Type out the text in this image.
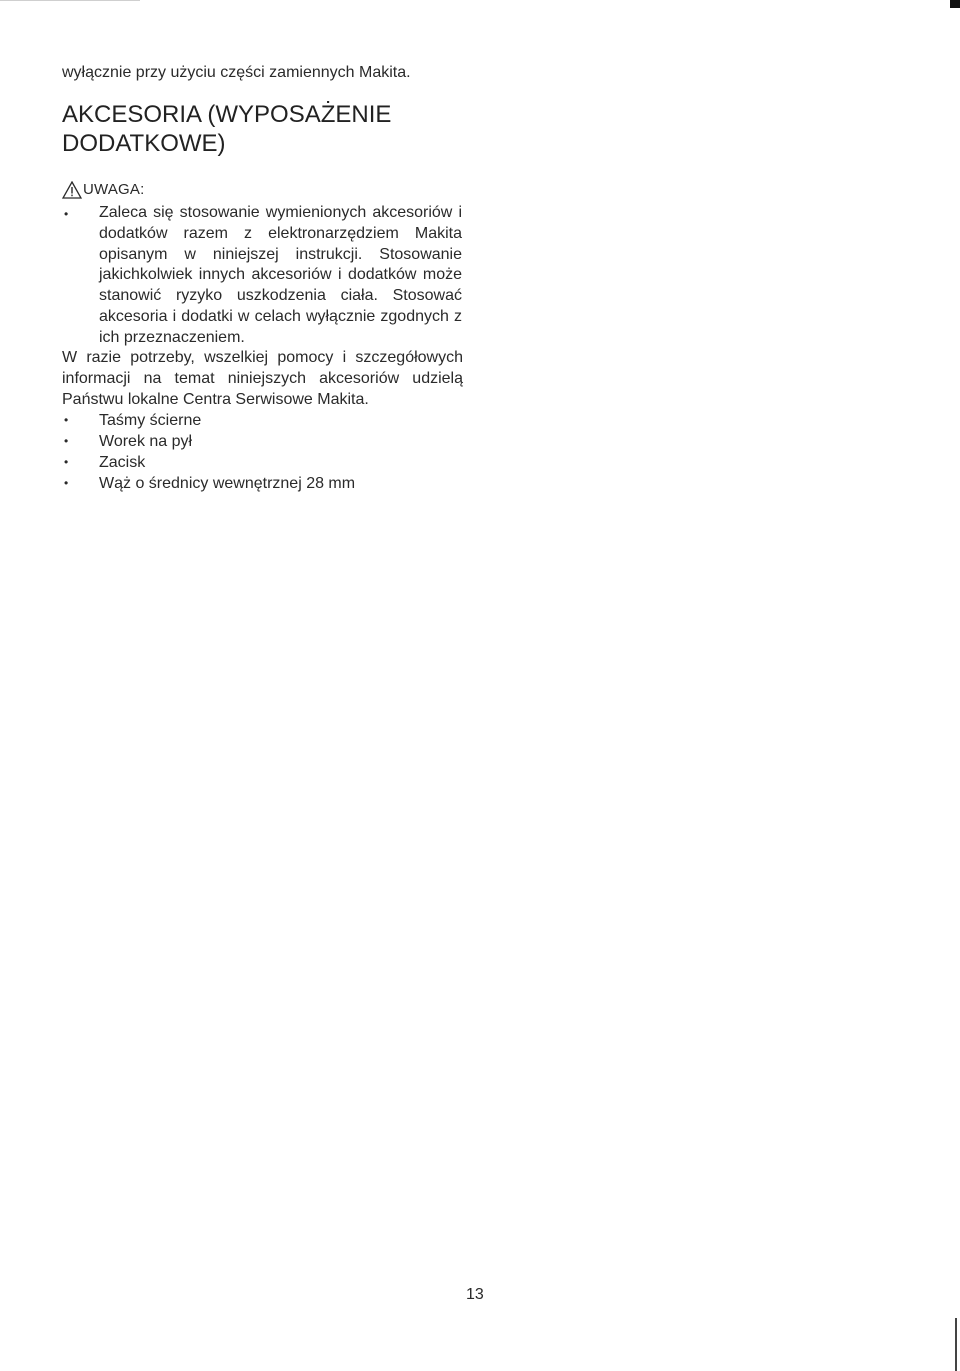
wyłącznie przy użyciu części zamiennych Makita.
AKCESORIA (WYPOSAŻENIE DODATKOWE)
UWAGA:
• Zaleca się stosowanie wymienionych akcesoriów i dodatków razem z elektronarzędziem Makita opisanym w niniejszej instrukcji. Stosowanie jakichkolwiek innych akcesoriów i dodatków może stanowić ryzyko uszkodzenia ciała. Stosować akcesoria i dodatki w celach wyłącznie zgodnych z ich przeznaczeniem.

W razie potrzeby, wszelkiej pomocy i szczegółowych informacji na temat niniejszych akcesoriów udzielą Państwu lokalne Centra Serwisowe Makita.

• Taśmy ścierne
• Worek na pył
• Zacisk
• Wąż o średnicy wewnętrznej 28 mm
13
